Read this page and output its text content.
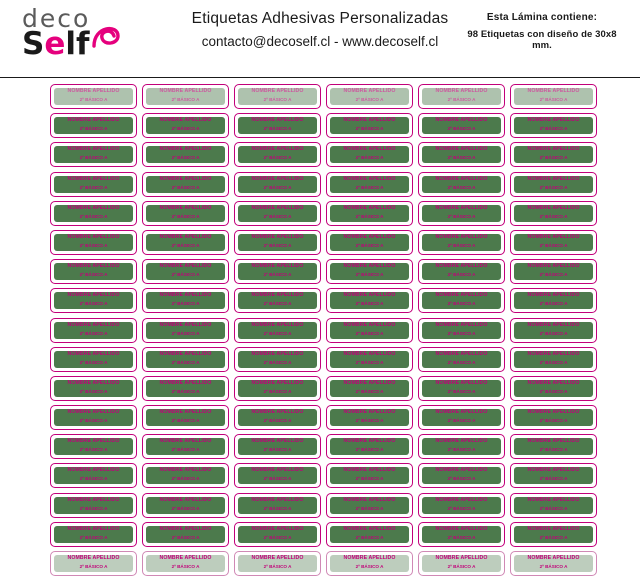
deco
Self
Etiquetas Adhesivas Personalizadas
contacto@decoself.cl - www.decoself.cl
Esta Lámina contiene:
98 Etiquetas con diseño de 30x8 mm.
NOMBRE APELLIDO
2º BÁSICO A
NOMBRE APELLIDO
2º BÁSICO A
NOMBRE APELLIDO
2º BÁSICO A
NOMBRE APELLIDO
2º BÁSICO A
NOMBRE APELLIDO
2º BÁSICO A
NOMBRE APELLIDO
2º BÁSICO A
NOMBRE APELLIDO
2º BÁSICO A
NOMBRE APELLIDO
2º BÁSICO A
NOMBRE APELLIDO
2º BÁSICO A
NOMBRE APELLIDO
2º BÁSICO A
NOMBRE APELLIDO
2º BÁSICO A
NOMBRE APELLIDO
2º BÁSICO A
NOMBRE APELLIDO
2º BÁSICO A
NOMBRE APELLIDO
2º BÁSICO A
NOMBRE APELLIDO
2º BÁSICO A
NOMBRE APELLIDO
2º BÁSICO A
NOMBRE APELLIDO
2º BÁSICO A
NOMBRE APELLIDO
2º BÁSICO A
NOMBRE APELLIDO
2º BÁSICO A
NOMBRE APELLIDO
2º BÁSICO A
NOMBRE APELLIDO
2º BÁSICO A
NOMBRE APELLIDO
2º BÁSICO A
NOMBRE APELLIDO
2º BÁSICO A
NOMBRE APELLIDO
2º BÁSICO A
NOMBRE APELLIDO
2º BÁSICO A
NOMBRE APELLIDO
2º BÁSICO A
NOMBRE APELLIDO
2º BÁSICO A
NOMBRE APELLIDO
2º BÁSICO A
NOMBRE APELLIDO
2º BÁSICO A
NOMBRE APELLIDO
2º BÁSICO A
NOMBRE APELLIDO
2º BÁSICO A
NOMBRE APELLIDO
2º BÁSICO A
NOMBRE APELLIDO
2º BÁSICO A
NOMBRE APELLIDO
2º BÁSICO A
NOMBRE APELLIDO
2º BÁSICO A
NOMBRE APELLIDO
2º BÁSICO A
NOMBRE APELLIDO
2º BÁSICO A
NOMBRE APELLIDO
2º BÁSICO A
NOMBRE APELLIDO
2º BÁSICO A
NOMBRE APELLIDO
2º BÁSICO A
NOMBRE APELLIDO
2º BÁSICO A
NOMBRE APELLIDO
2º BÁSICO A
NOMBRE APELLIDO
2º BÁSICO A
NOMBRE APELLIDO
2º BÁSICO A
NOMBRE APELLIDO
2º BÁSICO A
NOMBRE APELLIDO
2º BÁSICO A
NOMBRE APELLIDO
2º BÁSICO A
NOMBRE APELLIDO
2º BÁSICO A
NOMBRE APELLIDO
2º BÁSICO A
NOMBRE APELLIDO
2º BÁSICO A
NOMBRE APELLIDO
2º BÁSICO A
NOMBRE APELLIDO
2º BÁSICO A
NOMBRE APELLIDO
2º BÁSICO A
NOMBRE APELLIDO
2º BÁSICO A
NOMBRE APELLIDO
2º BÁSICO A
NOMBRE APELLIDO
2º BÁSICO A
NOMBRE APELLIDO
2º BÁSICO A
NOMBRE APELLIDO
2º BÁSICO A
NOMBRE APELLIDO
2º BÁSICO A
NOMBRE APELLIDO
2º BÁSICO A
NOMBRE APELLIDO
2º BÁSICO A
NOMBRE APELLIDO
2º BÁSICO A
NOMBRE APELLIDO
2º BÁSICO A
NOMBRE APELLIDO
2º BÁSICO A
NOMBRE APELLIDO
2º BÁSICO A
NOMBRE APELLIDO
2º BÁSICO A
NOMBRE APELLIDO
2º BÁSICO A
NOMBRE APELLIDO
2º BÁSICO A
NOMBRE APELLIDO
2º BÁSICO A
NOMBRE APELLIDO
2º BÁSICO A
NOMBRE APELLIDO
2º BÁSICO A
NOMBRE APELLIDO
2º BÁSICO A
NOMBRE APELLIDO
2º BÁSICO A
NOMBRE APELLIDO
2º BÁSICO A
NOMBRE APELLIDO
2º BÁSICO A
NOMBRE APELLIDO
2º BÁSICO A
NOMBRE APELLIDO
2º BÁSICO A
NOMBRE APELLIDO
2º BÁSICO A
NOMBRE APELLIDO
2º BÁSICO A
NOMBRE APELLIDO
2º BÁSICO A
NOMBRE APELLIDO
2º BÁSICO A
NOMBRE APELLIDO
2º BÁSICO A
NOMBRE APELLIDO
2º BÁSICO A
NOMBRE APELLIDO
2º BÁSICO A
NOMBRE APELLIDO
2º BÁSICO A
NOMBRE APELLIDO
2º BÁSICO A
NOMBRE APELLIDO
2º BÁSICO A
NOMBRE APELLIDO
2º BÁSICO A
NOMBRE APELLIDO
2º BÁSICO A
NOMBRE APELLIDO
2º BÁSICO A
NOMBRE APELLIDO
2º BÁSICO A
NOMBRE APELLIDO
2º BÁSICO A
NOMBRE APELLIDO
2º BÁSICO A
NOMBRE APELLIDO
2º BÁSICO A
NOMBRE APELLIDO
2º BÁSICO A
NOMBRE APELLIDO
2º BÁSICO A
NOMBRE APELLIDO
2º BÁSICO A
NOMBRE APELLIDO
2º BÁSICO A
NOMBRE APELLIDO
2º BÁSICO A
NOMBRE APELLIDO
2º BÁSICO A
NOMBRE APELLIDO
2º BÁSICO A
NOMBRE APELLIDO
2º BÁSICO A
